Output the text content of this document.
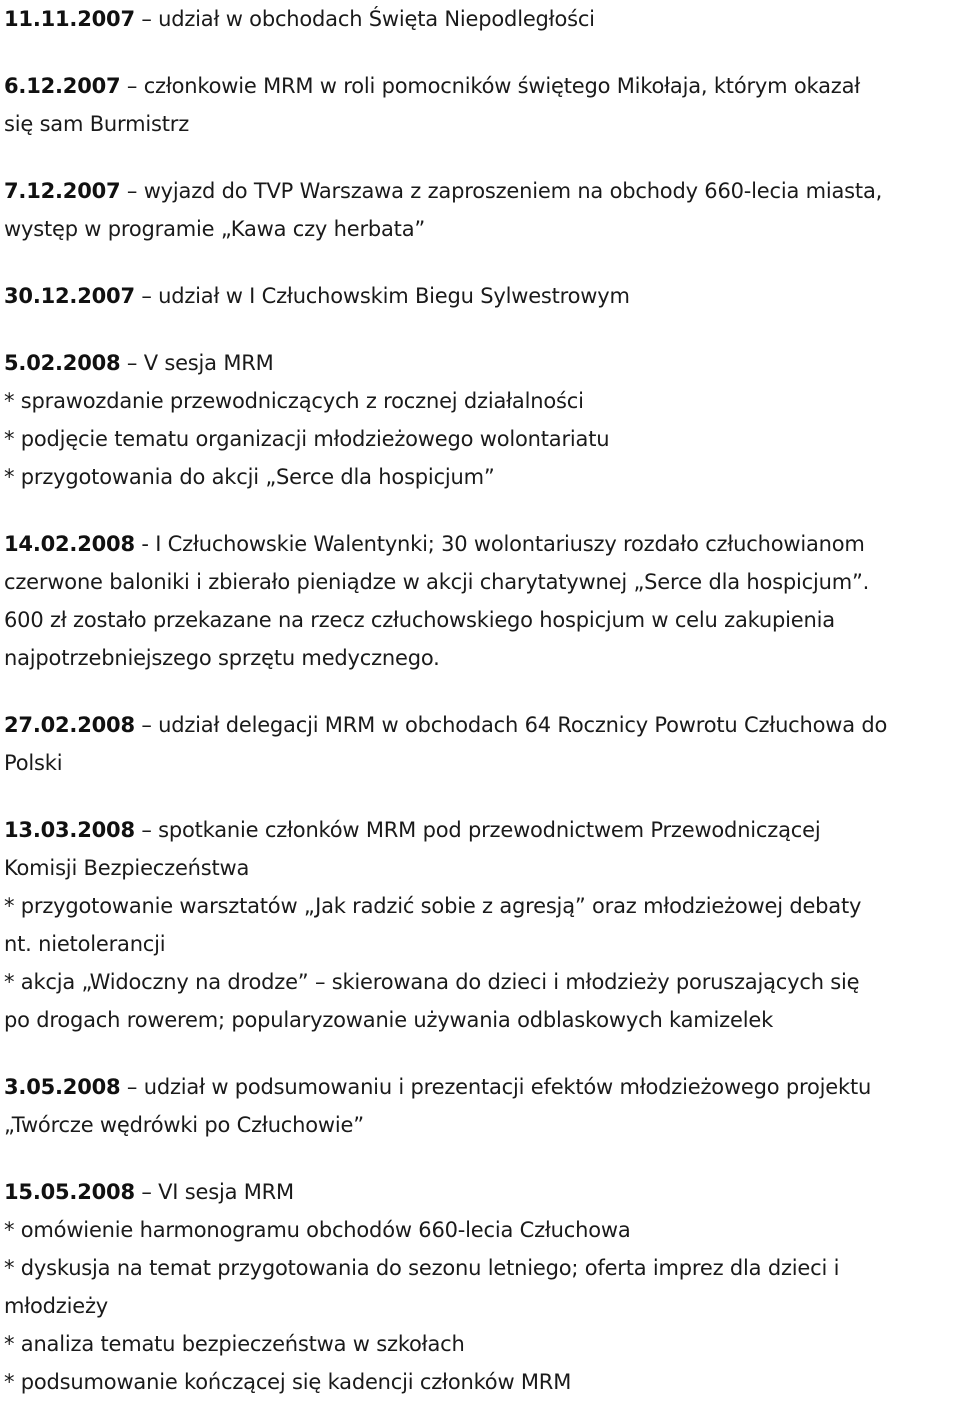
11.11.2007 – udział w obchodach Święta Niepodległości
6.12.2007 – członkowie MRM w roli pomocników świętego Mikołaja, którym okazał
się sam Burmistrz
7.12.2007 – wyjazd do TVP Warszawa z zaproszeniem na obchody 660-lecia miasta,
występ w programie „Kawa czy herbata”
30.12.2007 – udział w I Człuchowskim Biegu Sylwestrowym
5.02.2008 – V sesja MRM
* sprawozdanie przewodniczących z rocznej działalności
* podjęcie tematu organizacji młodzieżowego wolontariatu
* przygotowania do akcji „Serce dla hospicjum”
14.02.2008 - I Człuchowskie Walentynki; 30 wolontariuszy rozdało człuchowianom
czerwone baloniki i zbierało pieniądze w akcji charytatywnej „Serce dla hospicjum”.
600 zł zostało przekazane na rzecz człuchowskiego hospicjum w celu zakupienia
najpotrzebniejszego sprzętu medycznego.
27.02.2008 – udział delegacji MRM w obchodach 64 Rocznicy Powrotu Człuchowa do
Polski
13.03.2008 – spotkanie członków MRM pod przewodnictwem Przewodniczącej
Komisji Bezpieczeństwa
* przygotowanie warsztatów „Jak radzić sobie z agresją” oraz młodzieżowej debaty
nt. nietolerancji
* akcja „Widoczny na drodze” – skierowana do dzieci i młodzieży poruszających się
po drogach rowerem; popularyzowanie używania odblaskowych kamizelek
3.05.2008 – udział w podsumowaniu i prezentacji efektów młodzieżowego projektu
„Twórcze wędrówki po Człuchowie”
15.05.2008 – VI sesja MRM
* omówienie harmonogramu obchodów 660-lecia Człuchowa
* dyskusja na temat przygotowania do sezonu letniego; oferta imprez dla dzieci i
młodzieży
* analiza tematu bezpieczeństwa w szkołach
* podsumowanie kończącej się kadencji członków MRM
